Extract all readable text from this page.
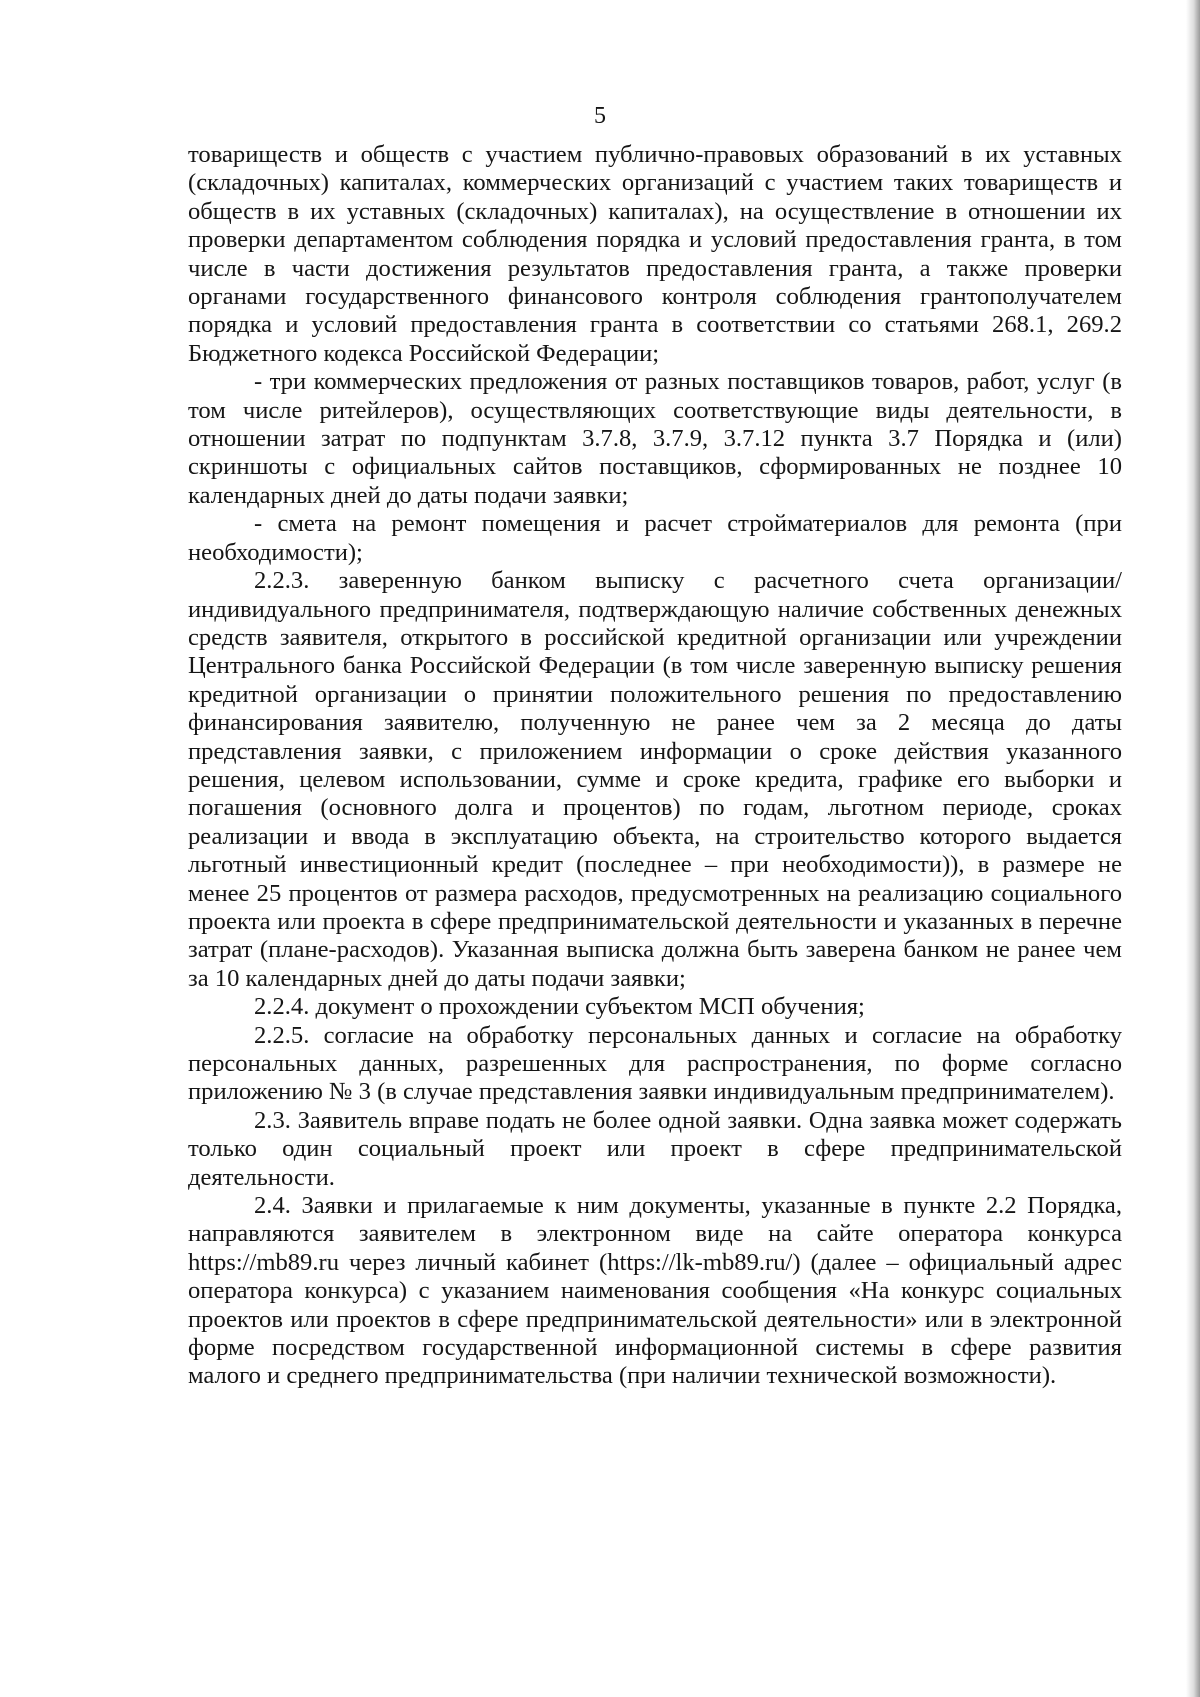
5

товариществ и обществ с участием публично-правовых образований в их уставных (складочных) капиталах, коммерческих организаций с участием таких товариществ и обществ в их уставных (складочных) капиталах), на осуществление в отношении их проверки департаментом соблюдения порядка и условий предоставления гранта, в том числе в части достижения результатов предоставления гранта, а также проверки органами государственного финансового контроля соблюдения грантополучателем порядка и условий предоставления гранта в соответствии со статьями 268.1, 269.2 Бюджетного кодекса Российской Федерации;

- три коммерческих предложения от разных поставщиков товаров, работ, услуг (в том числе ритейлеров), осуществляющих соответствующие виды деятельности, в отношении затрат по подпунктам 3.7.8, 3.7.9, 3.7.12 пункта 3.7 Порядка и (или) скриншоты с официальных сайтов поставщиков, сформированных не позднее 10 календарных дней до даты подачи заявки;

- смета на ремонт помещения и расчет стройматериалов для ремонта (при необходимости);

2.2.3. заверенную банком выписку с расчетного счета организации/индивидуального предпринимателя, подтверждающую наличие собственных денежных средств заявителя, открытого в российской кредитной организации или учреждении Центрального банка Российской Федерации (в том числе заверенную выписку решения кредитной организации о принятии положительного решения по предоставлению финансирования заявителю, полученную не ранее чем за 2 месяца до даты представления заявки, с приложением информации о сроке действия указанного решения, целевом использовании, сумме и сроке кредита, графике его выборки и погашения (основного долга и процентов) по годам, льготном периоде, сроках реализации и ввода в эксплуатацию объекта, на строительство которого выдается льготный инвестиционный кредит (последнее – при необходимости)), в размере не менее 25 процентов от размера расходов, предусмотренных на реализацию социального проекта или проекта в сфере предпринимательской деятельности и указанных в перечне затрат (плане-расходов). Указанная выписка должна быть заверена банком не ранее чем за 10 календарных дней до даты подачи заявки;

2.2.4. документ о прохождении субъектом МСП обучения;

2.2.5. согласие на обработку персональных данных и согласие на обработку персональных данных, разрешенных для распространения, по форме согласно приложению № 3 (в случае представления заявки индивидуальным предпринимателем).

2.3. Заявитель вправе подать не более одной заявки. Одна заявка может содержать только один социальный проект или проект в сфере предпринимательской деятельности.

2.4. Заявки и прилагаемые к ним документы, указанные в пункте 2.2 Порядка, направляются заявителем в электронном виде на сайте оператора конкурса https://mb89.ru через личный кабинет (https://lk-mb89.ru/) (далее – официальный адрес оператора конкурса) с указанием наименования сообщения «На конкурс социальных проектов или проектов в сфере предпринимательской деятельности» или в электронной форме посредством государственной информационной системы в сфере развития малого и среднего предпринимательства (при наличии технической возможности).
